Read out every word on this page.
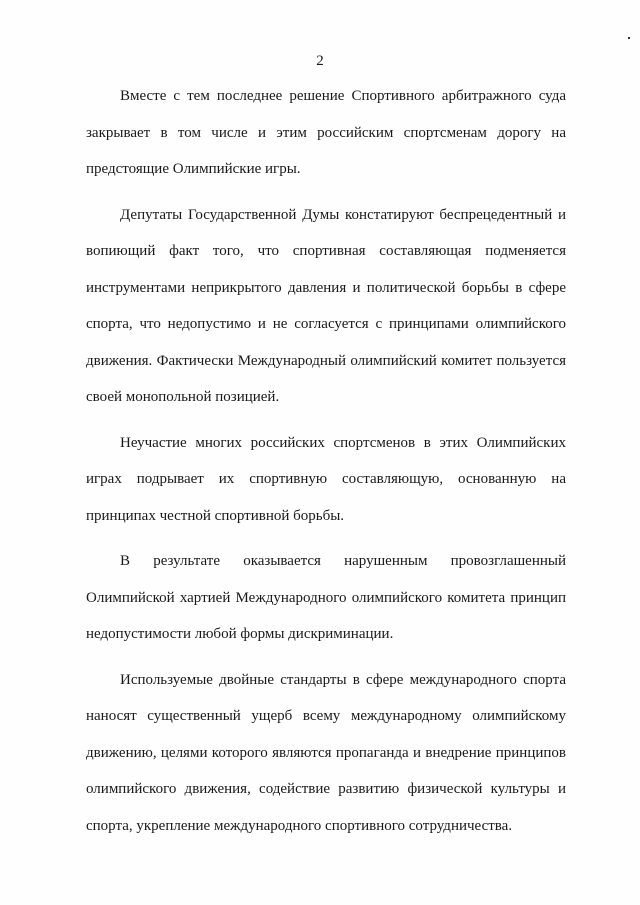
2

Вместе с тем последнее решение Спортивного арбитражного суда закрывает в том числе и этим российским спортсменам дорогу на предстоящие Олимпийские игры.

Депутаты Государственной Думы констатируют беспрецедентный и вопиющий факт того, что спортивная составляющая подменяется инструментами неприкрытого давления и политической борьбы в сфере спорта, что недопустимо и не согласуется с принципами олимпийского движения. Фактически Международный олимпийский комитет пользуется своей монопольной позицией.

Неучастие многих российских спортсменов в этих Олимпийских играх подрывает их спортивную составляющую, основанную на принципах честной спортивной борьбы.

В результате оказывается нарушенным провозглашенный Олимпийской хартией Международного олимпийского комитета принцип недопустимости любой формы дискриминации.

Используемые двойные стандарты в сфере международного спорта наносят существенный ущерб всему международному олимпийскому движению, целями которого являются пропаганда и внедрение принципов олимпийского движения, содействие развитию физической культуры и спорта, укрепление международного спортивного сотрудничества.
